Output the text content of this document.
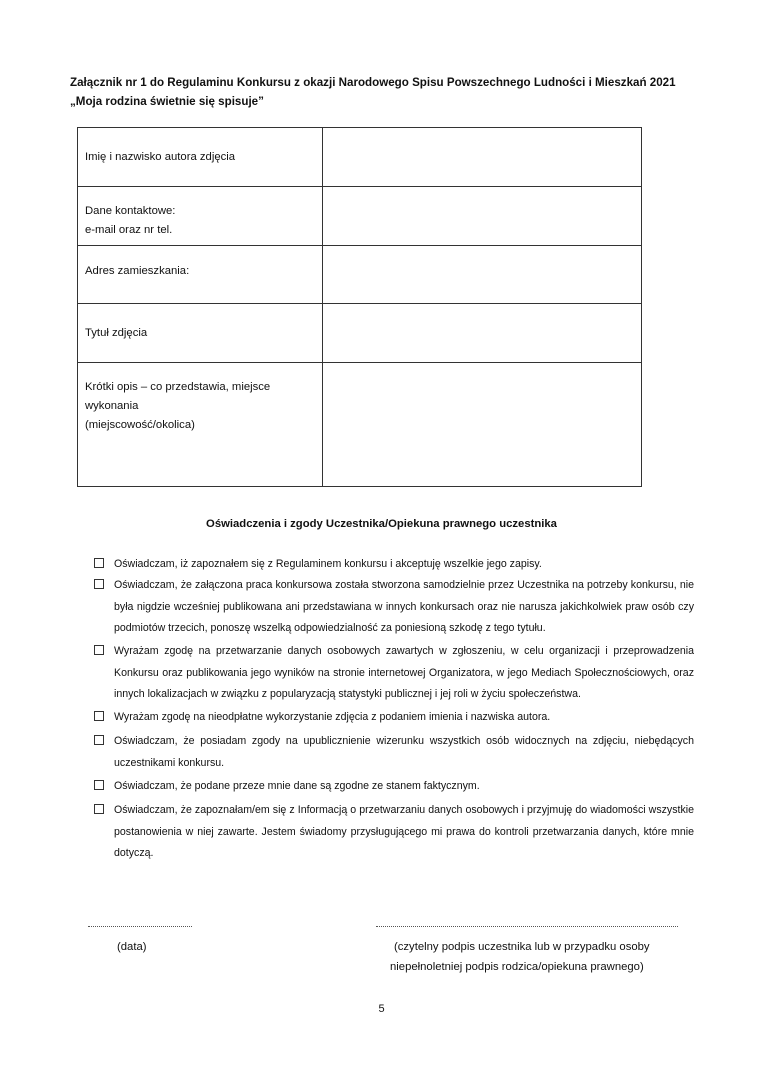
Załącznik nr 1 do Regulaminu Konkursu z okazji Narodowego Spisu Powszechnego Ludności i Mieszkań 2021
„Moja rodzina świetnie się spisuje”
Imię i nazwisko autora zdjęcia	
Dane kontaktowe:
e-mail oraz nr tel.	
Adres zamieszkania:	
Tytuł zdjęcia	
Krótki opis – co przedstawia, miejsce
wykonania
(miejscowość/okolica)	
Oświadczenia i zgody Uczestnika/Opiekuna prawnego uczestnika
Oświadczam, iż zapoznałem się z Regulaminem konkursu i akceptuję wszelkie jego zapisy.
Oświadczam, że załączona praca konkursowa została stworzona samodzielnie przez Uczestnika na potrzeby konkursu, nie była nigdzie wcześniej publikowana ani przedstawiana w innych konkursach oraz nie narusza jakichkolwiek praw osób czy podmiotów trzecich, ponoszę wszelką odpowiedzialność za poniesioną szkodę z tego tytułu.
Wyrażam zgodę na przetwarzanie danych osobowych zawartych w zgłoszeniu, w celu organizacji i przeprowadzenia Konkursu oraz publikowania jego wyników na stronie internetowej Organizatora, w jego Mediach Społecznościowych, oraz innych lokalizacjach w związku z popularyzacją statystyki publicznej i jej roli w życiu społeczeństwa.
Wyrażam zgodę na nieodpłatne wykorzystanie zdjęcia z podaniem imienia i nazwiska autora.
Oświadczam, że posiadam zgody na upublicznienie wizerunku wszystkich osób widocznych na zdjęciu, niebędących uczestnikami konkursu.
Oświadczam, że podane przeze mnie dane są zgodne ze stanem faktycznym.
Oświadczam, że zapoznałam/em się z Informacją o przetwarzaniu danych osobowych i przyjmuję do wiadomości wszystkie postanowienia w niej zawarte. Jestem świadomy przysługującego mi prawa do kontroli przetwarzania danych, które mnie dotyczą.
(data)	(czytelny podpis uczestnika lub w przypadku osoby
niepełnoletniej podpis rodzica/opiekuna prawnego)
5
